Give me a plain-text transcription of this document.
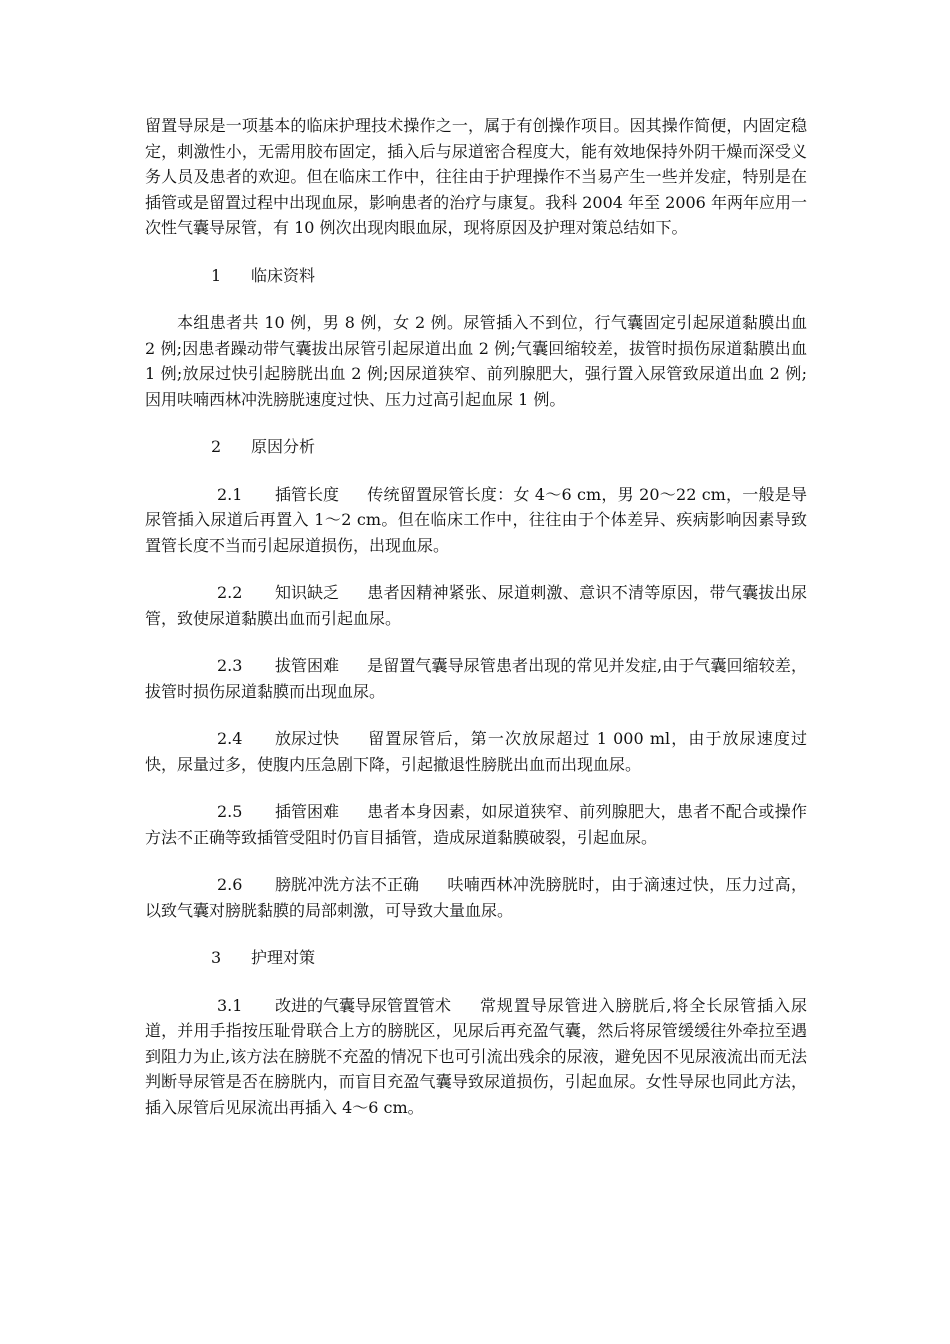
留置导尿是一项基本的临床护理技术操作之一，属于有创操作项目。因其操作简便，内固定稳定，刺激性小，无需用胶布固定，插入后与尿道密合程度大，能有效地保持外阴干燥而深受义务人员及患者的欢迎。但在临床工作中，往往由于护理操作不当易产生一些并发症，特别是在插管或是留置过程中出现血尿，影响患者的治疗与康复。我科 2004 年至 2006 年两年应用一次性气囊导尿管，有 10 例次出现肉眼血尿，现将原因及护理对策总结如下。

1 临床资料

本组患者共 10 例，男 8 例，女 2 例。尿管插入不到位，行气囊固定引起尿道黏膜出血 2 例;因患者躁动带气囊拔出尿管引起尿道出血 2 例;气囊回缩较差，拔管时损伤尿道黏膜出血 1 例;放尿过快引起膀胱出血 2 例;因尿道狭窄、前列腺肥大，强行置入尿管致尿道出血 2 例;因用呋喃西林冲洗膀胱速度过快、压力过高引起血尿 1 例。

2 原因分析

2.1 插管长度 传统留置尿管长度：女 4～6 cm，男 20～22 cm，一般是导尿管插入尿道后再置入 1～2 cm。但在临床工作中，往往由于个体差异、疾病影响因素导致置管长度不当而引起尿道损伤，出现血尿。

2.2 知识缺乏 患者因精神紧张、尿道刺激、意识不清等原因，带气囊拔出尿管，致使尿道黏膜出血而引起血尿。

2.3 拔管困难 是留置气囊导尿管患者出现的常见并发症,由于气囊回缩较差，拔管时损伤尿道黏膜而出现血尿。

2.4 放尿过快 留置尿管后，第一次放尿超过 1 000 ml，由于放尿速度过快，尿量过多，使腹内压急剧下降，引起撤退性膀胱出血而出现血尿。

2.5 插管困难 患者本身因素，如尿道狭窄、前列腺肥大，患者不配合或操作方法不正确等致插管受阻时仍盲目插管，造成尿道黏膜破裂，引起血尿。

2.6 膀胱冲洗方法不正确 呋喃西林冲洗膀胱时，由于滴速过快，压力过高，以致气囊对膀胱黏膜的局部刺激，可导致大量血尿。

3 护理对策

3.1 改进的气囊导尿管置管术 常规置导尿管进入膀胱后,将全长尿管插入尿道，并用手指按压耻骨联合上方的膀胱区，见尿后再充盈气囊，然后将尿管缓缓往外牵拉至遇到阻力为止,该方法在膀胱不充盈的情况下也可引流出残余的尿液，避免因不见尿液流出而无法判断导尿管是否在膀胱内，而盲目充盈气囊导致尿道损伤，引起血尿。女性导尿也同此方法，插入尿管后见尿流出再插入 4～6 cm。
